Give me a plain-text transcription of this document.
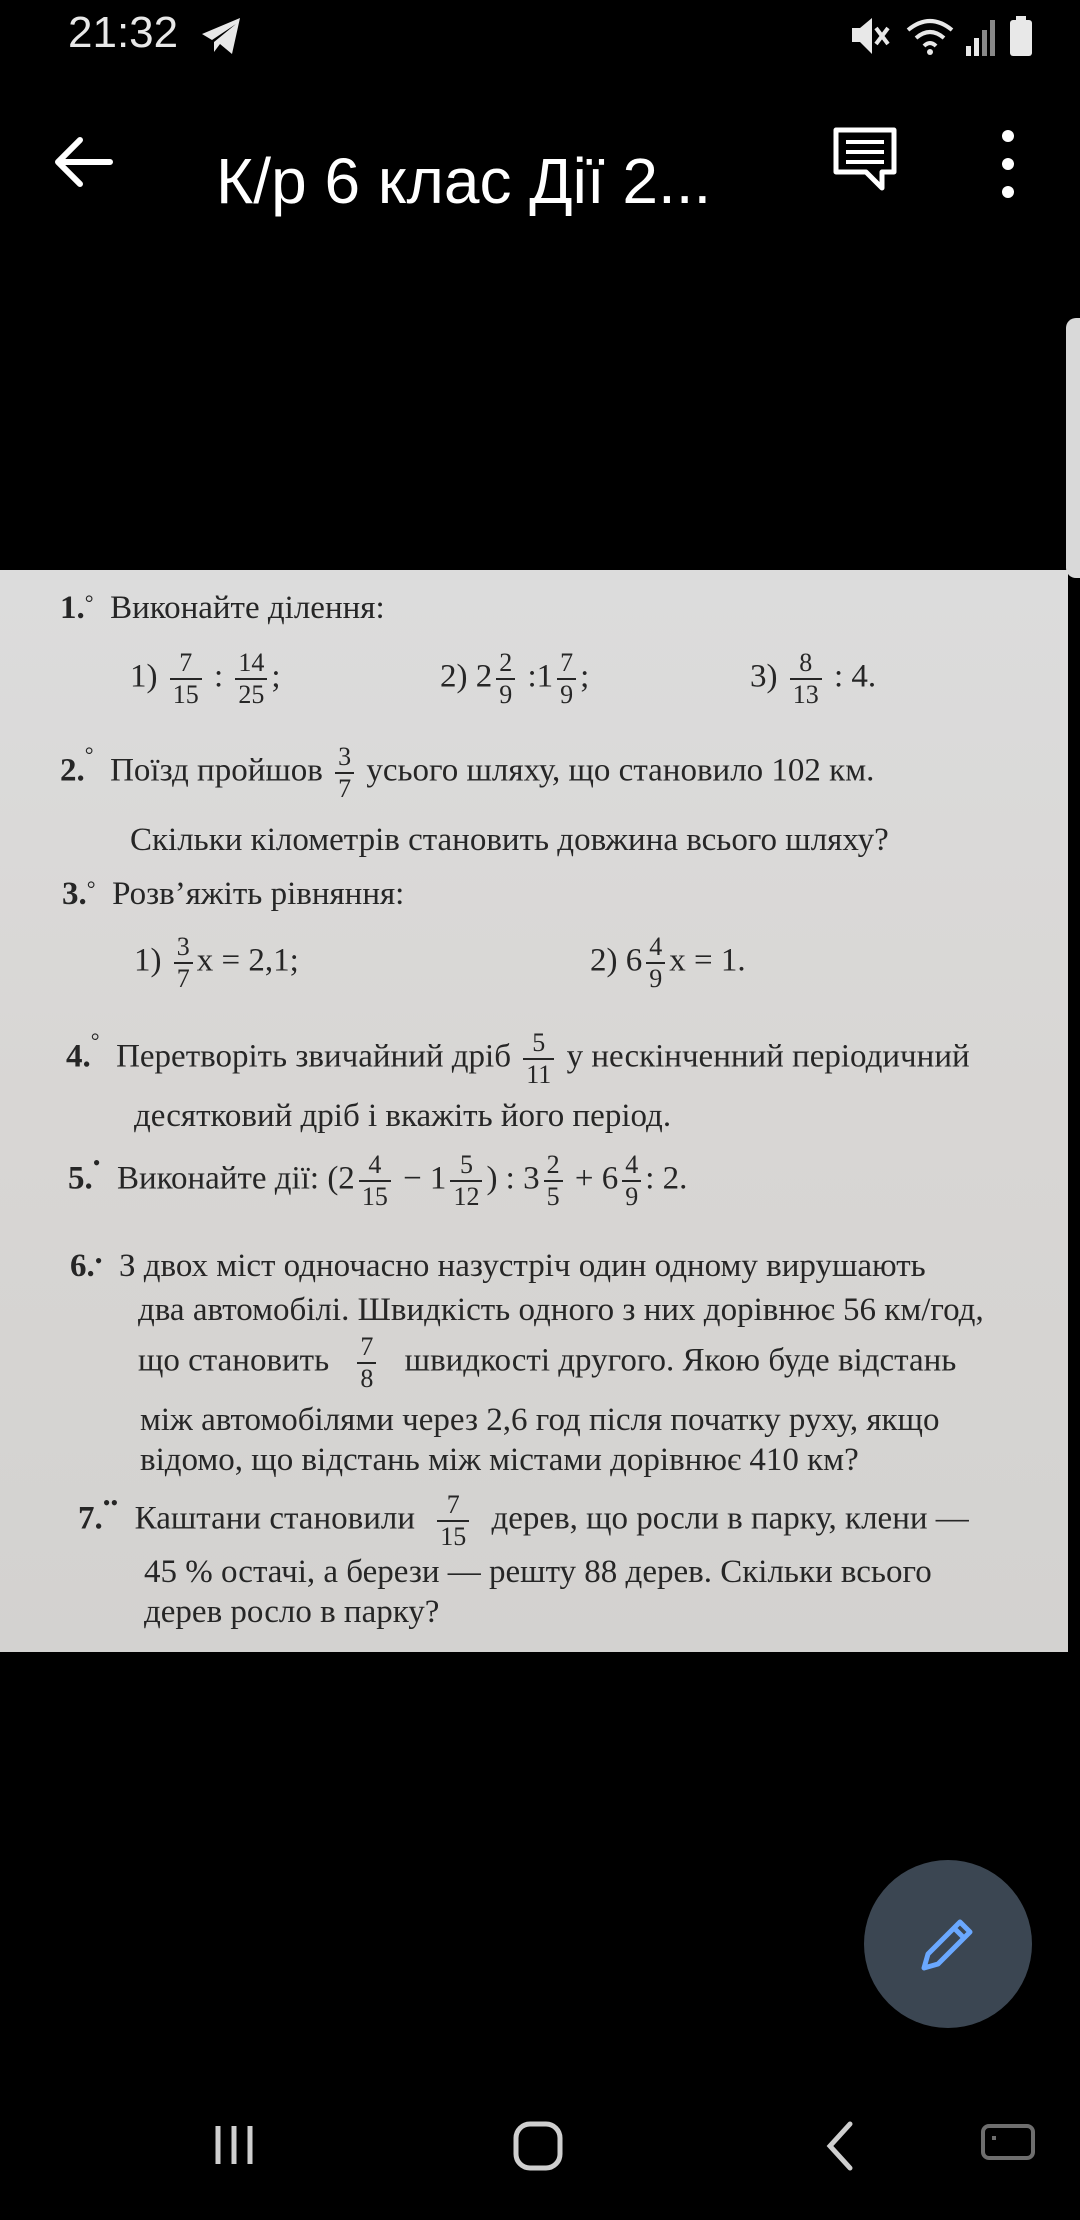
21:32
К/р 6 клас Дії 2...
1.° Виконайте ділення:
$1) \frac{7}{15}$ : $\frac{14}{25}$ ;	2) $2 \frac{2}{9}$ :1 $\frac{7}{9}$ ;	$3) \frac{8}{13}$ : 4.
2.° Поїзд пройшов $\frac{3}{7}$ усього шляху, що становило 102 км.
Скільки кілометрів становить довжина всього шляху?
3.° Розв’яжіть рівняння:
$1) \frac{3}{7}$ x = 2,1;	2) $6 \frac{4}{9}$ x = 1.
4.° Перетворіть звичайний дріб $\frac{5}{11}$ у нескінченний періодичний
десятковий дріб і вкажіть його період.
5.• Виконайте дії: ($2 \frac{4}{15} - 1 \frac{5}{12}$ ) : $3 \frac{2}{5} + 6 \frac{4}{9}$ : 2.
6.• З двох міст одночасно назустріч один одному вирушають
два автомобілі. Швидкість одного з них дорівнює 56 км/год,
що становить $\frac{7}{8}$ швидкості другого. Якою буде відстань
між автомобілями через 2,6 год після початку руху, якщо
відомо, що відстань між містами дорівнює 410 км?
7.•• Каштани становили $\frac{7}{15}$ дерев, що росли в парку, клени —
45 % остачі, а берези — решту 88 дерев. Скільки всього
дерев росло в парку?
